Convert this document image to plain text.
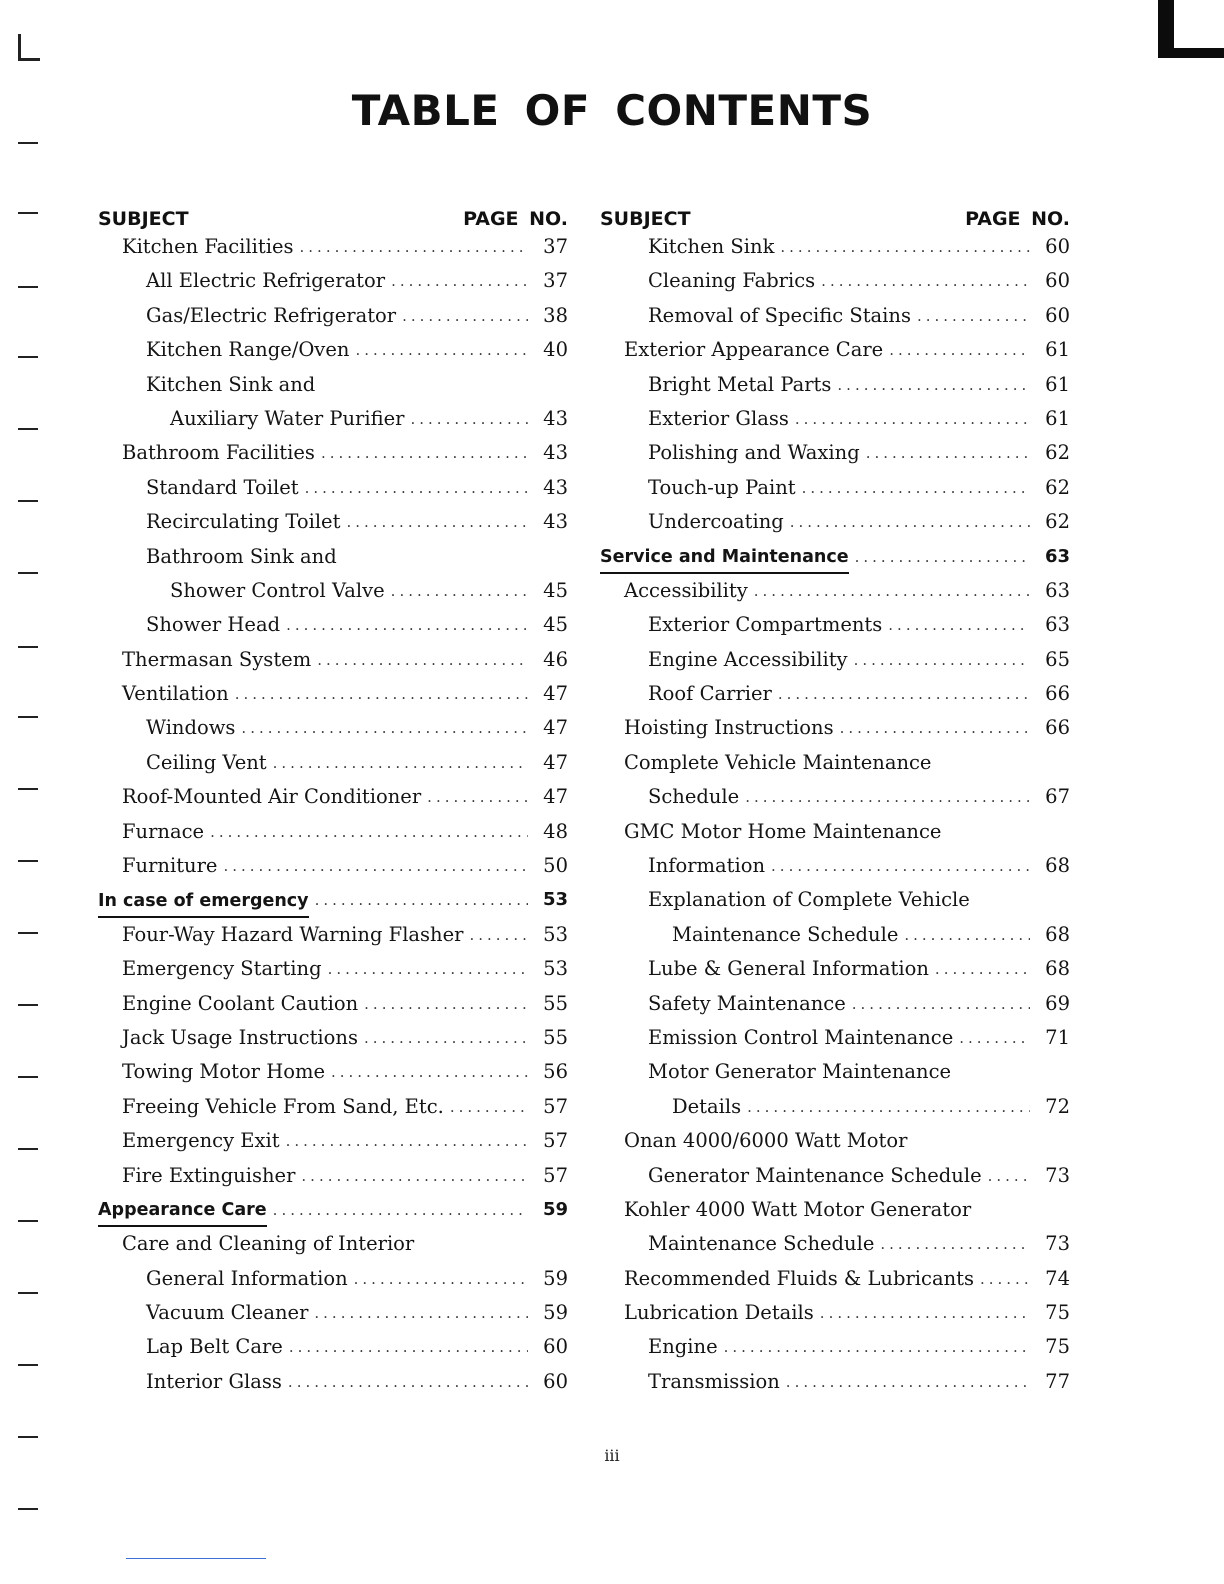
TABLE OF CONTENTS
SUBJECT	PAGE NO.
Kitchen Facilities .....	37
All Electric Refrigerator .....	37
Gas/Electric Refrigerator .....	38
Kitchen Range/Oven .....	40
Kitchen Sink and
Auxiliary Water Purifier .....	43
Bathroom Facilities .....	43
Standard Toilet .....	43
Recirculating Toilet .....	43
Bathroom Sink and
Shower Control Valve .....	45
Shower Head .....	45
Thermasan System .....	46
Ventilation .....	47
Windows .....	47
Ceiling Vent .....	47
Roof-Mounted Air Conditioner .....	47
Furnace .....	48
Furniture .....	50
In case of emergency .....	53
Four-Way Hazard Warning Flasher .....	53
Emergency Starting .....	53
Engine Coolant Caution .....	55
Jack Usage Instructions .....	55
Towing Motor Home .....	56
Freeing Vehicle From Sand, Etc. .....	57
Emergency Exit .....	57
Fire Extinguisher .....	57
Appearance Care .....	59
Care and Cleaning of Interior
General Information .....	59
Vacuum Cleaner .....	59
Lap Belt Care .....	60
Interior Glass .....	60
SUBJECT	PAGE NO.
Kitchen Sink .....	60
Cleaning Fabrics .....	60
Removal of Specific Stains .....	60
Exterior Appearance Care .....	61
Bright Metal Parts .....	61
Exterior Glass .....	61
Polishing and Waxing .....	62
Touch-up Paint .....	62
Undercoating .....	62
Service and Maintenance .....	63
Accessibility .....	63
Exterior Compartments .....	63
Engine Accessibility .....	65
Roof Carrier .....	66
Hoisting Instructions .....	66
Complete Vehicle Maintenance
Schedule .....	67
GMC Motor Home Maintenance
Information .....	68
Explanation of Complete Vehicle
Maintenance Schedule .....	68
Lube & General Information .....	68
Safety Maintenance .....	69
Emission Control Maintenance .....	71
Motor Generator Maintenance
Details .....	72
Onan 4000/6000 Watt Motor
Generator Maintenance Schedule .....	73
Kohler 4000 Watt Motor Generator
Maintenance Schedule .....	73
Recommended Fluids & Lubricants .....	74
Lubrication Details .....	75
Engine .....	75
Transmission .....	77
iii
